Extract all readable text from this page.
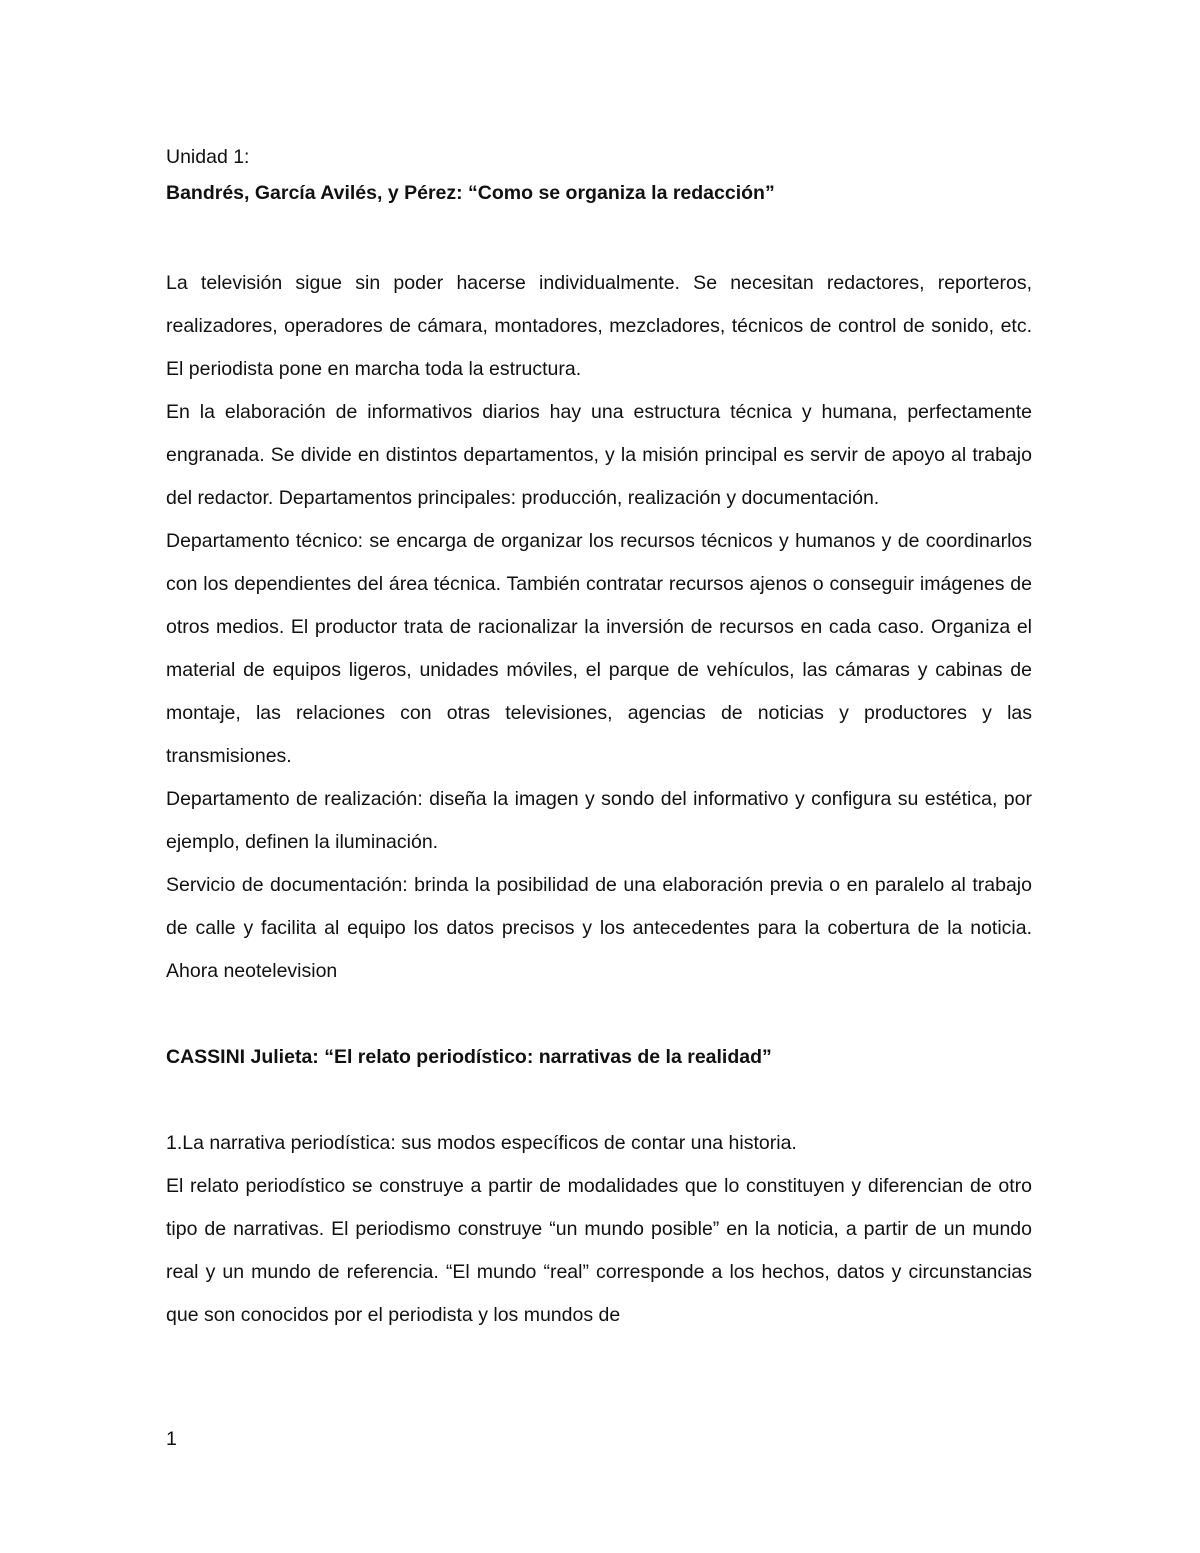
Unidad 1:

Bandrés, García Avilés, y Pérez: “Como se organiza la redacción”

La televisión sigue sin poder hacerse individualmente. Se necesitan redactores, reporteros, realizadores, operadores de cámara, montadores, mezcladores, técnicos de control de sonido, etc. El periodista pone en marcha toda la estructura.

En la elaboración de informativos diarios hay una estructura técnica y humana, perfectamente engranada. Se divide en distintos departamentos, y la misión principal es servir de apoyo al trabajo del redactor. Departamentos principales: producción, realización y documentación.

Departamento técnico: se encarga de organizar los recursos técnicos y humanos y de coordinarlos con los dependientes del área técnica. También contratar recursos ajenos o conseguir imágenes de otros medios. El productor trata de racionalizar la inversión de recursos en cada caso. Organiza el material de equipos ligeros, unidades móviles, el parque de vehículos, las cámaras y cabinas de montaje, las relaciones con otras televisiones, agencias de noticias y productores y las transmisiones.

Departamento de realización: diseña la imagen y sondo del informativo y configura su estética, por ejemplo, definen la iluminación.

Servicio de documentación: brinda la posibilidad de una elaboración previa o en paralelo al trabajo de calle y facilita al equipo los datos precisos y los antecedentes para la cobertura de la noticia. Ahora neotelevision

CASSINI Julieta: “El relato periodístico: narrativas de la realidad”

1.La narrativa periodística: sus modos específicos de contar una historia.

El relato periodístico se construye a partir de modalidades que lo constituyen y diferencian de otro tipo de narrativas. El periodismo construye “un mundo posible” en la noticia, a partir de un mundo real y un mundo de referencia. “El mundo “real” corresponde a los hechos, datos y circunstancias que son conocidos por el periodista y los mundos de

1
